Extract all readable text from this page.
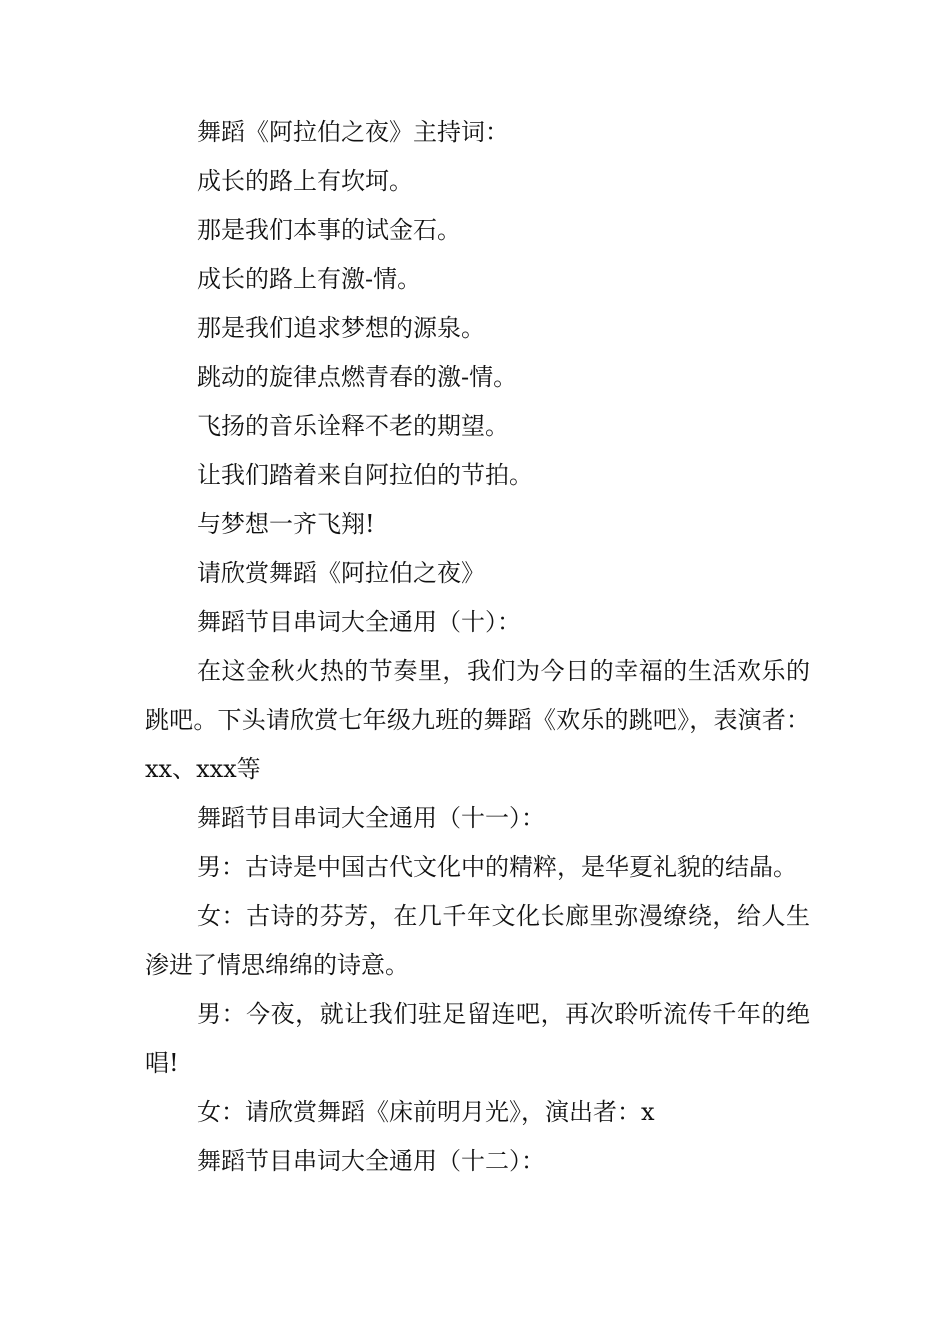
舞蹈《阿拉伯之夜》主持词：

成长的路上有坎坷。

那是我们本事的试金石。

成长的路上有激-情。

那是我们追求梦想的源泉。

跳动的旋律点燃青春的激-情。

飞扬的音乐诠释不老的期望。

让我们踏着来自阿拉伯的节拍。

与梦想一齐飞翔!

请欣赏舞蹈《阿拉伯之夜》

舞蹈节目串词大全通用（十）：

在这金秋火热的节奏里，我们为今日的幸福的生活欢乐的跳吧。下头请欣赏七年级九班的舞蹈《欢乐的跳吧》，表演者：xx、xxx等

舞蹈节目串词大全通用（十一）：

男：古诗是中国古代文化中的精粹，是华夏礼貌的结晶。

女：古诗的芬芳，在几千年文化长廊里弥漫缭绕，给人生渗进了情思绵绵的诗意。

男：今夜，就让我们驻足留连吧，再次聆听流传千年的绝唱!

女：请欣赏舞蹈《床前明月光》，演出者：x

舞蹈节目串词大全通用（十二）：
